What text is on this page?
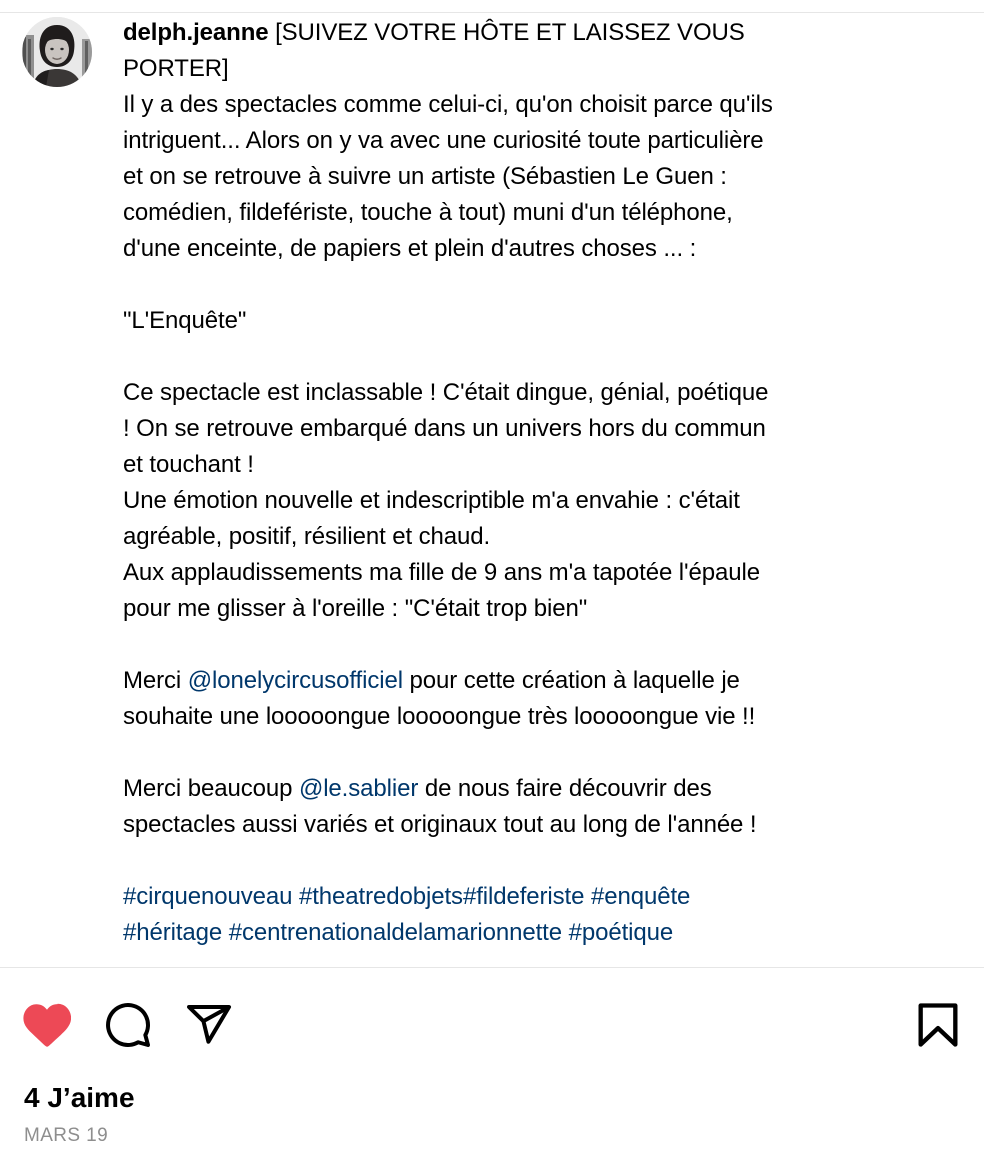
delph.jeanne [SUIVEZ VOTRE HÔTE ET LAISSEZ VOUS
PORTER]
Il y a des spectacles comme celui-ci, qu'on choisit parce qu'ils
intriguent... Alors on y va avec une curiosité toute particulière
et on se retrouve à suivre un artiste (Sébastien Le Guen :
comédien, fildefériste, touche à tout) muni d'un téléphone,
d'une enceinte, de papiers et plein d'autres choses ... :

"L'Enquête"

Ce spectacle est inclassable ! C'était dingue, génial, poétique
! On se retrouve embarqué dans un univers hors du commun
et touchant !
Une émotion nouvelle et indescriptible m'a envahie : c'était
agréable, positif, résilient et chaud.
Aux applaudissements ma fille de 9 ans m'a tapotée l'épaule
pour me glisser à l'oreille : "C'était trop bien"

Merci @lonelycircusofficiel pour cette création à laquelle je
souhaite une looooongue looooongue très looooongue vie !!

Merci beaucoup @le.sablier de nous faire découvrir des
spectacles aussi variés et originaux tout au long de l'année !

#cirquenouveau #theatredobjets#fildeferiste #enquête
#héritage #centrenationaldelamarionnette #poétique
4 J’aime
MARS 19
